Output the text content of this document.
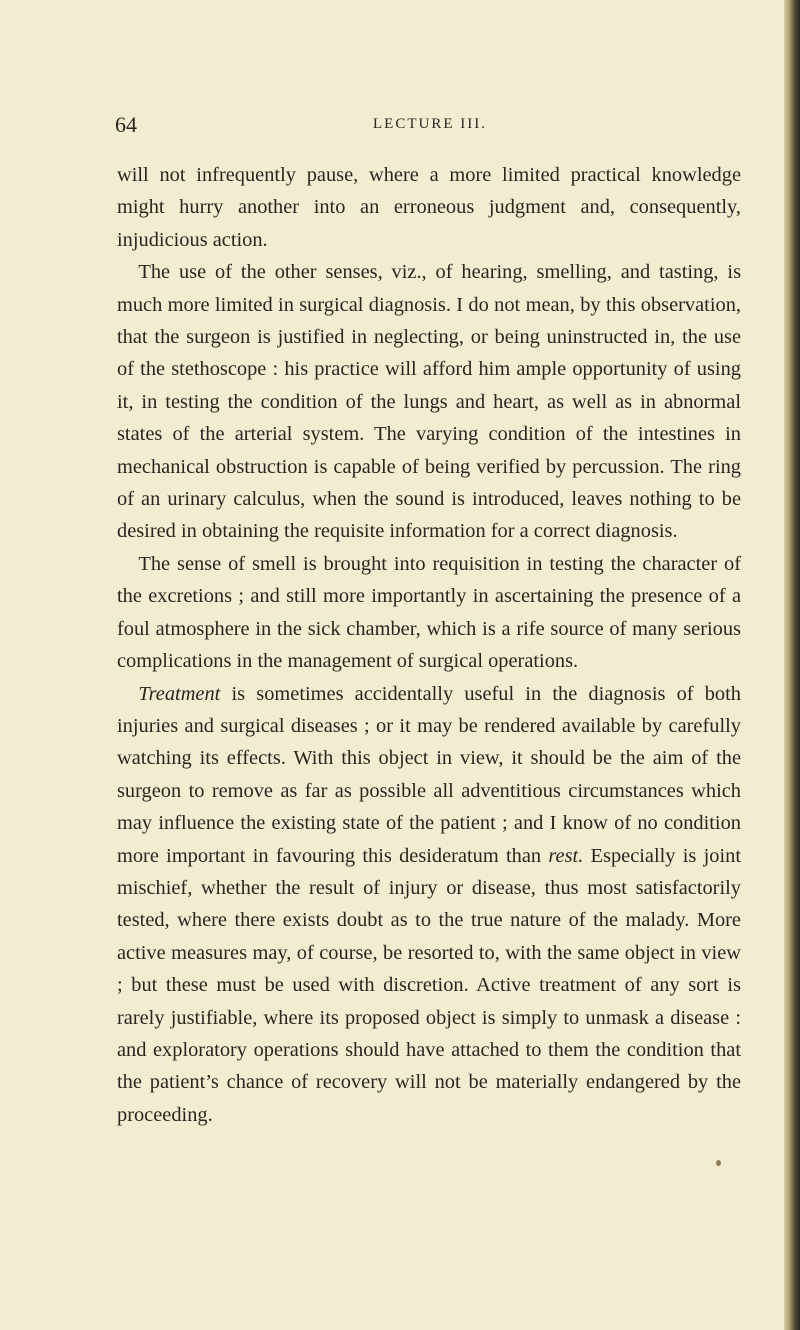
64	LECTURE III.

will not infrequently pause, where a more limited practical knowledge might hurry another into an erroneous judgment and, consequently, injudicious action.

The use of the other senses, viz., of hearing, smelling, and tasting, is much more limited in surgical diagnosis. I do not mean, by this observation, that the surgeon is justified in neglecting, or being uninstructed in, the use of the stethoscope : his practice will afford him ample opportunity of using it, in testing the condition of the lungs and heart, as well as in abnormal states of the arterial system. The varying condition of the intestines in mechanical obstruction is capable of being verified by percussion. The ring of an urinary calculus, when the sound is introduced, leaves nothing to be desired in obtaining the requisite information for a correct diagnosis.

The sense of smell is brought into requisition in testing the character of the excretions ; and still more importantly in ascertaining the presence of a foul atmosphere in the sick chamber, which is a rife source of many serious complications in the management of surgical operations.

Treatment is sometimes accidentally useful in the diagnosis of both injuries and surgical diseases ; or it may be rendered available by carefully watching its effects. With this object in view, it should be the aim of the surgeon to remove as far as possible all adventitious circumstances which may influence the existing state of the patient ; and I know of no condition more important in favouring this desideratum than rest. Especially is joint mischief, whether the result of injury or disease, thus most satisfactorily tested, where there exists doubt as to the true nature of the malady. More active measures may, of course, be resorted to, with the same object in view ; but these must be used with discretion. Active treatment of any sort is rarely justifiable, where its proposed object is simply to unmask a disease : and exploratory operations should have attached to them the condition that the patient’s chance of recovery will not be materially endangered by the proceeding.
